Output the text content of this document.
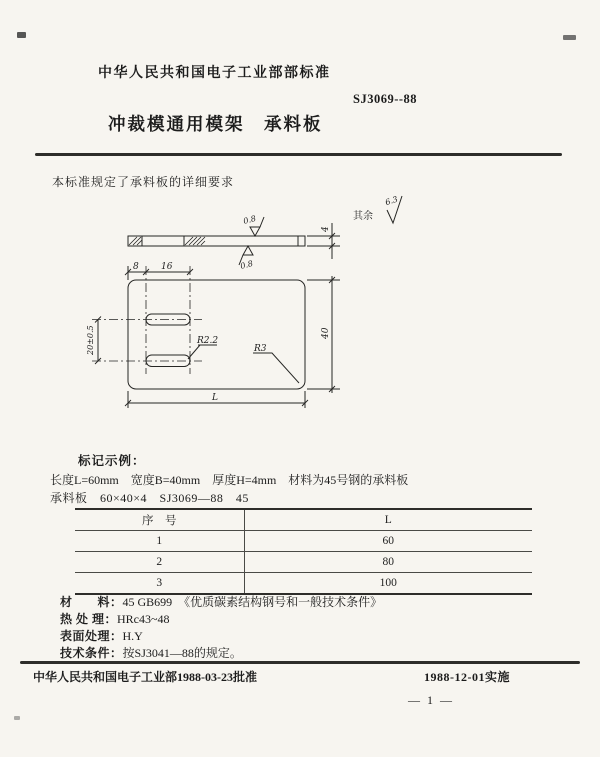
中华人民共和国电子工业部部标准
SJ3069--88
冲裁模通用模架　承料板
本标准规定了承料板的详细要求
其余
6.3
0.8
0.8
4
8 16
20±0.5	R2.2
R3
40
L
标记示例：
长度L=60mm　宽度B=40mm　厚度H=4mm　材料为45号钢的承料板
承料板　60×40×4　SJ3069—88　45
序　号	L
1	60
2	80
3	100
材　　料：45 GB699　《优质碳素结构钢号和一般技术条件》
热 处 理：HRc43~48
表面处理：H.Y
技术条件：按SJ3041—88的规定。
中华人民共和国电子工业部1988-03-23批准	1988-12-01实施
— 1 —
